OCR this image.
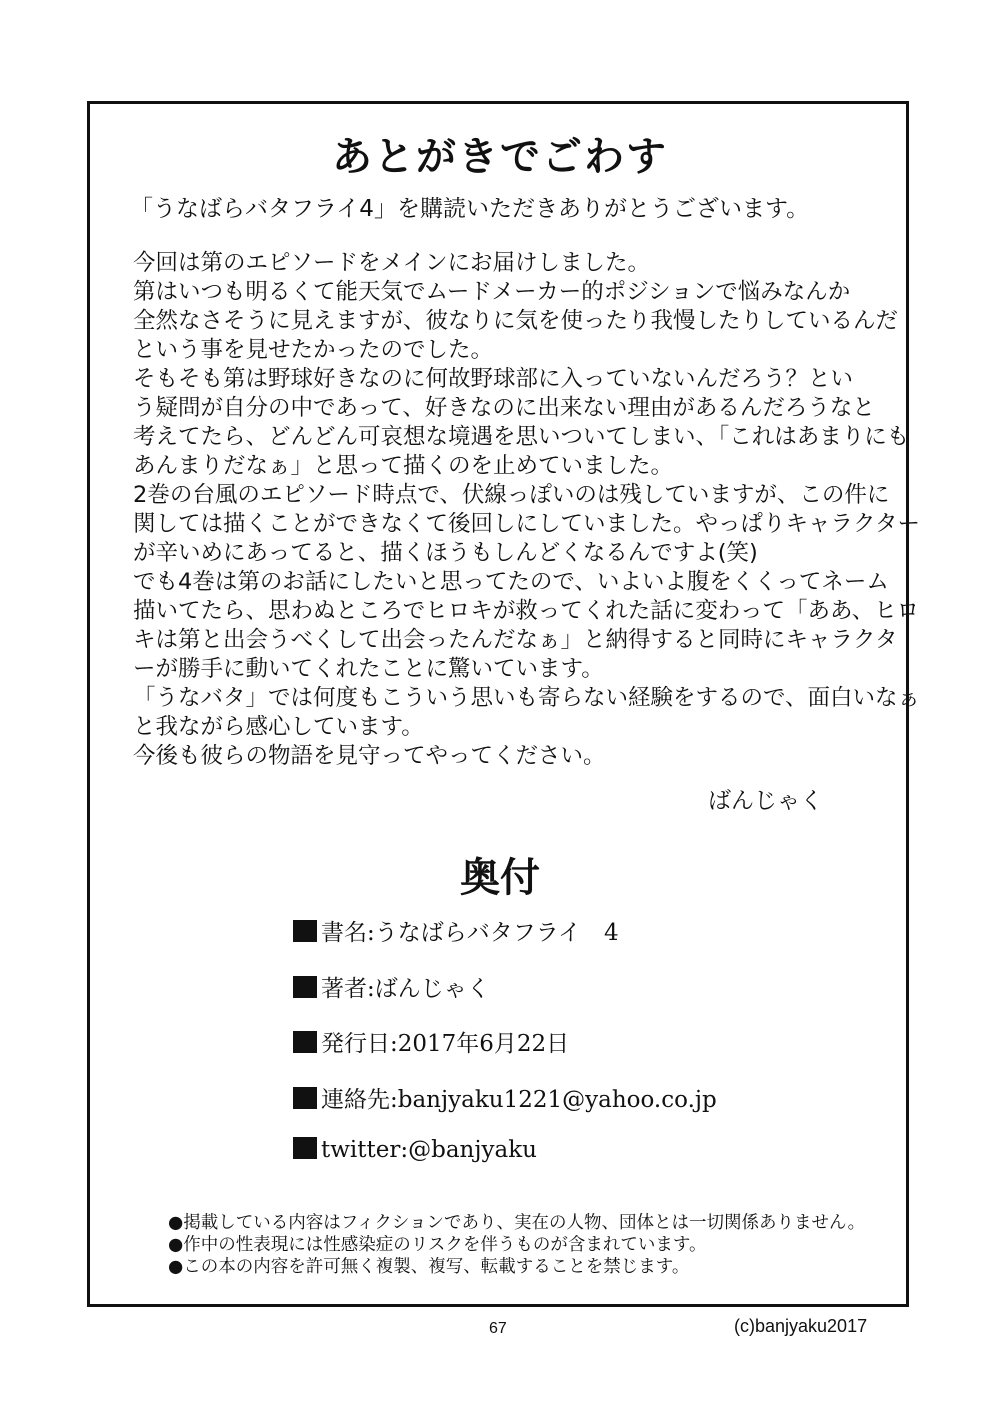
あとがきでごわす

「うなばらバタフライ4」を購読いただきありがとうございます。

今回は第のエピソードをメインにお届けしました。

第はいつも明るくて能天気でムードメーカー的ポジションで悩みなんか

全然なさそうに見えますが、彼なりに気を使ったり我慢したりしているんだ

という事を見せたかったのでした。

そもそも第は野球好きなのに何故野球部に入っていないんだろう？とい

う疑問が自分の中であって、好きなのに出来ない理由があるんだろうなと

考えてたら、どんどん可哀想な境遇を思いついてしまい、「これはあまりにも

あんまりだなぁ」と思って描くのを止めていました。

2巻の台風のエピソード時点で、伏線っぽいのは残していますが、この件に

関しては描くことができなくて後回しにしていました。やっぱりキャラクター

が辛いめにあってると、描くほうもしんどくなるんですよ(笑)

でも4巻は第のお話にしたいと思ってたので、いよいよ腹をくくってネーム

描いてたら、思わぬところでヒロキが救ってくれた話に変わって「ああ、ヒロ

キは第と出会うべくして出会ったんだなぁ」と納得すると同時にキャラクタ

ーが勝手に動いてくれたことに驚いています。

「うなバタ」では何度もこういう思いも寄らない経験をするので、面白いなぁ

と我ながら感心しています。

今後も彼らの物語を見守ってやってください。

ばんじゃく

奥付

書名:うなばらバタフライ　4

著者:ばんじゃく

発行日:2017年6月22日

連絡先:banjyaku1221@yahoo.co.jp

twitter:@banjyaku

●掲載している内容はフィクションであり、実在の人物、団体とは一切関係ありません。

●作中の性表現には性感染症のリスクを伴うものが含まれています。

●この本の内容を許可無く複製、複写、転載することを禁じます。

67	(c)banjyaku2017
